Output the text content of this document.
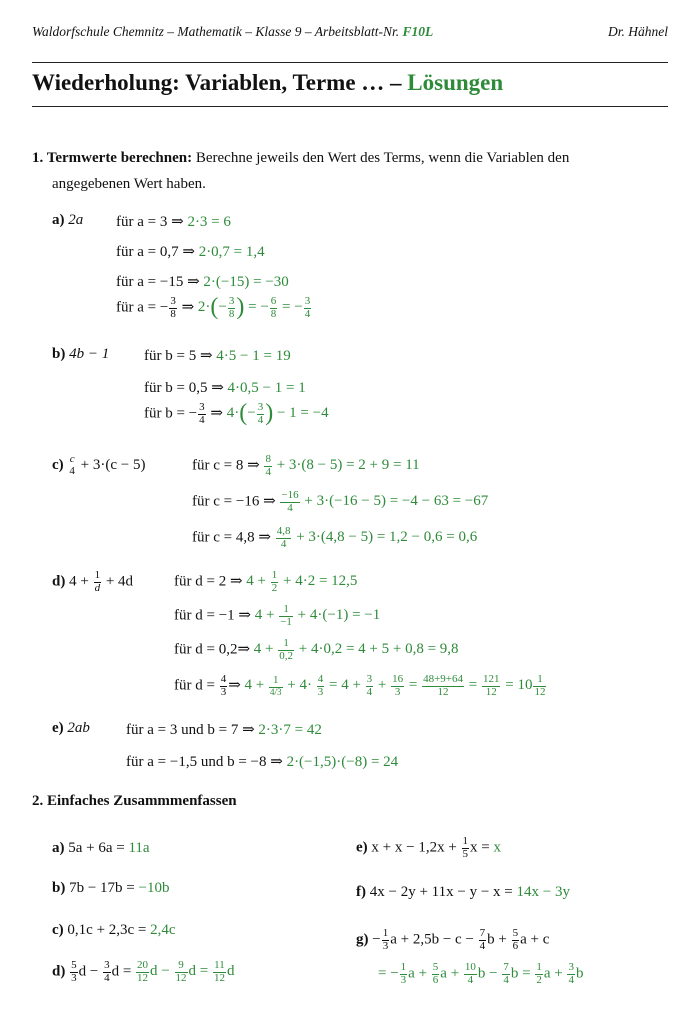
Waldorfschule Chemnitz – Mathematik – Klasse 9 – Arbeitsblatt-Nr. F10L	Dr. Hähnel
Wiederholung: Variablen, Terme … – Lösungen
1. Termwerte berechnen: Berechne jeweils den Wert des Terms, wenn die Variablen den
angegebenen Wert haben.
a) 2a für a = 3 ⇒ 2·3 = 6
für a = 0,7 ⇒ 2·0,7 = 1,4
für a = −15 ⇒ 2·(−15) = −30
für a = − $\frac{3}{8}$ ⇒ $2\cdot(- \frac{3}{8}$ ) = − $\frac{6}{8}$ = − $\frac{3}{4}$
b) 4b − 1 für b = 5 ⇒ 4·5 − 1 = 19
für b = 0,5 ⇒ 4·0,5 − 1 = 1
für b = − $\frac{3}{4}$ ⇒ $4\cdot(- \frac{3}{4}$ ) − 1 = −4
c) c
4 + 3·(c − 5)	für c = 8 ⇒ $\frac{8}{4} + 3\cdot(8 - 5) = 2 + 9 = 11$
für c = −16 ⇒ $\frac{-16}{4} + 3\cdot(-16 - 5) = -4 - 63 = -67$
für c = 4,8 ⇒ $\frac{4,8}{4} + 3\cdot(4,8 - 5) = 1,2 - 0,6 = 0,6$
d) $4 + \frac{1}{d} + 4d$	für d = 2 ⇒ $4 + \frac{1}{2} + 4\cdot 2 = 12,5$
für d = −1 ⇒ $4 + \frac{1}{-1} + 4\cdot(-1) = -1$
für d = 0,2⇒ $4 + \frac{1}{0,2} + 4\cdot 0,2 = 4 + 5 + 0,8 = 9,8$
für $d = \frac{4}{3}$ ⇒ 4 + 1
$4/3 + 4\cdot \frac{4}{3} = 4 + \frac{3}{4} + \frac{16}{3} = \frac{48+9+64}{12} = \frac{121}{12} = 10 \frac{1}{12}$
e) 2ab für a = 3 und b = 7 ⇒ 2·3·7 = 42
für a = −1,5 und b = −8 ⇒ 2·(−1,5)·(−8) = 24
2. Einfaches Zusammmenfassen
a) 5a + 6a = 11a
b) 7b − 17b = −10b
c) 0,1c + 2,3c = 2,4c
$d) \frac{5}{3}$ $d - \frac{3}{4}$ $d = \frac{20}{12}$ $d - \frac{9}{12}$ $d = \frac{11}{12}$ d
e) $x + x - 1,2x + \frac{1}{5}$ x = x
f) 4x − 2y + 11x − y − x = 14x − 3y
$g) - \frac{1}{3}$ $a + 2,5b - c - \frac{7}{4}$ $b + \frac{5}{6}$ a + c
= − $\frac{1}{3}$ $a + \frac{5}{6}$ $a + \frac{10}{4}$ $b - \frac{7}{4}$ $b = \frac{1}{2}$ $a + \frac{3}{4}$ b
